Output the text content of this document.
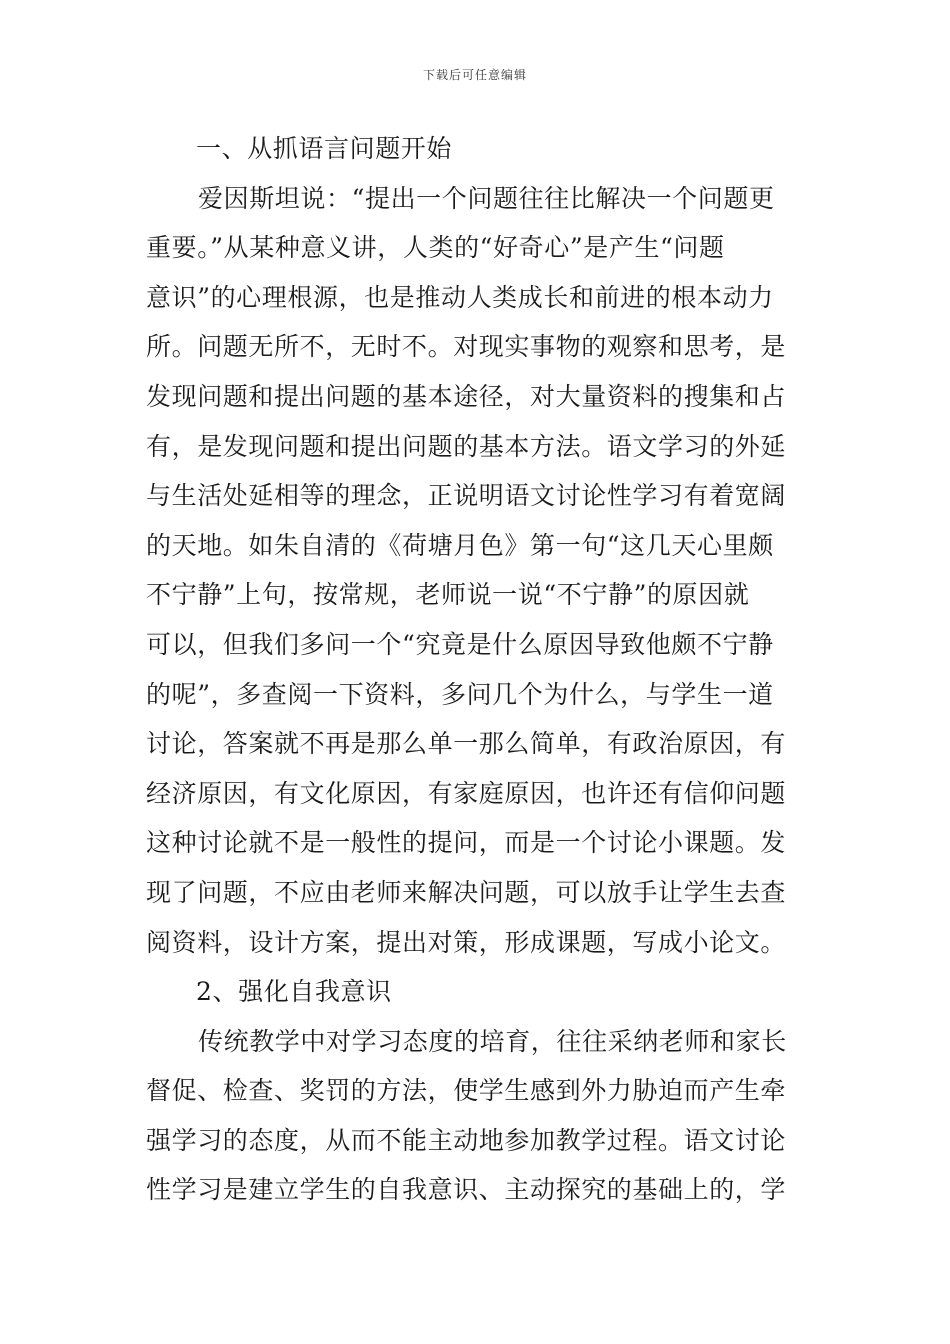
下载后可任意编辑
一、从抓语言问题开始
爱因斯坦说：“提出一个问题往往比解决一个问题更
重要。”从某种意义讲，人类的“好奇心”是产生“问题
意识”的心理根源，也是推动人类成长和前进的根本动力
所。问题无所不，无时不。对现实事物的观察和思考，是
发现问题和提出问题的基本途径，对大量资料的搜集和占
有，是发现问题和提出问题的基本方法。语文学习的外延
与生活处延相等的理念，正说明语文讨论性学习有着宽阔
的天地。如朱自清的《荷塘月色》第一句“这几天心里颇
不宁静”上句，按常规，老师说一说“不宁静”的原因就
可以，但我们多问一个“究竟是什么原因导致他颇不宁静
的呢”，多查阅一下资料，多问几个为什么，与学生一道
讨论，答案就不再是那么单一那么简单，有政治原因，有
经济原因，有文化原因，有家庭原因，也许还有信仰问题
这种讨论就不是一般性的提问，而是一个讨论小课题。发
现了问题，不应由老师来解决问题，可以放手让学生去查
阅资料，设计方案，提出对策，形成课题，写成小论文。
2、强化自我意识
传统教学中对学习态度的培育，往往采纳老师和家长
督促、检查、奖罚的方法，使学生感到外力胁迫而产生牵
强学习的态度，从而不能主动地参加教学过程。语文讨论
性学习是建立学生的自我意识、主动探究的基础上的，学
